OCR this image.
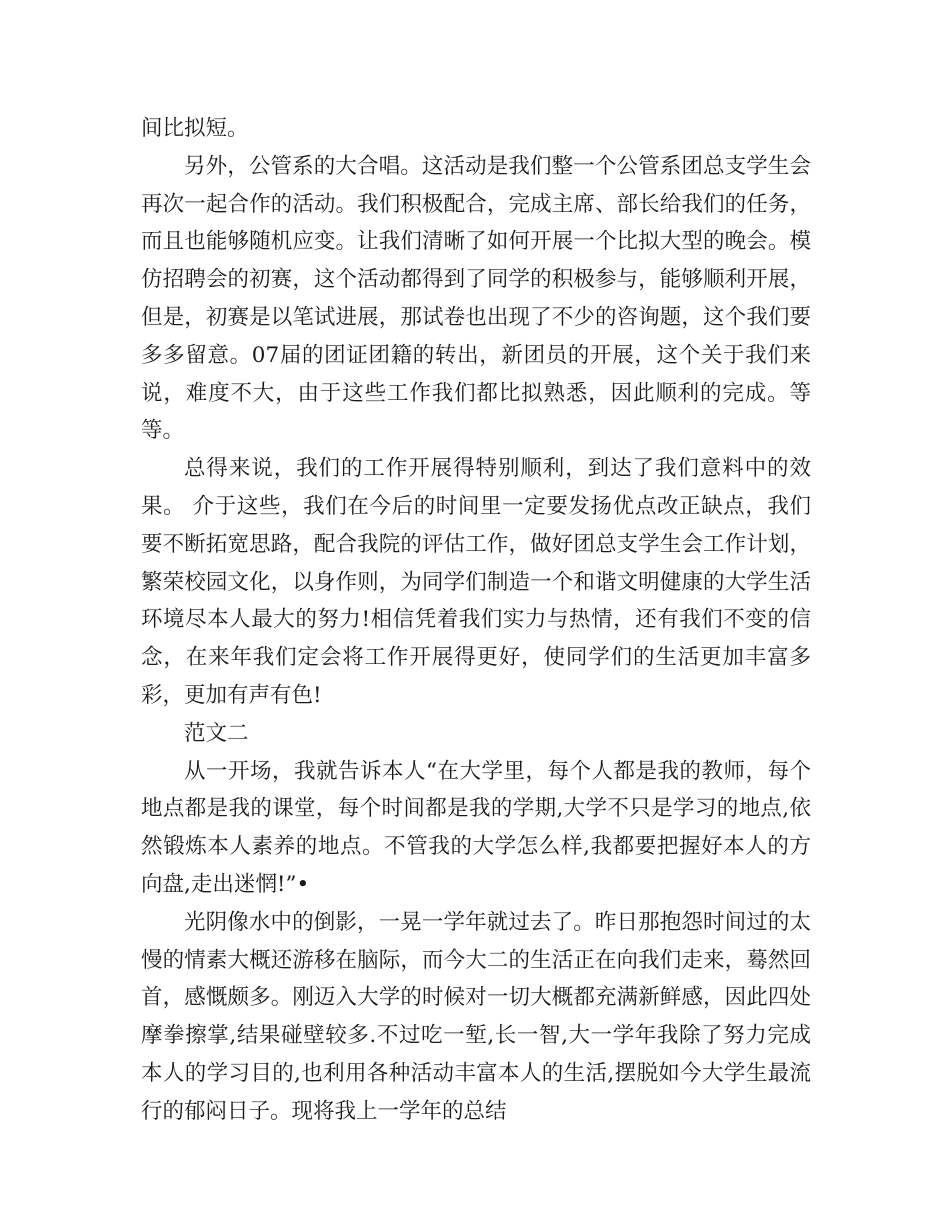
间比拟短。

另外，公管系的大合唱。这活动是我们整一个公管系团总支学生会再次一起合作的活动。我们积极配合，完成主席、部长给我们的任务，而且也能够随机应变。让我们清晰了如何开展一个比拟大型的晚会。模仿招聘会的初赛，这个活动都得到了同学的积极参与，能够顺利开展，但是，初赛是以笔试进展，那试卷也出现了不少的咨询题，这个我们要多多留意。07届的团证团籍的转出，新团员的开展，这个关于我们来说，难度不大，由于这些工作我们都比拟熟悉，因此顺利的完成。等等。

总得来说，我们的工作开展得特别顺利，到达了我们意料中的效果。 介于这些，我们在今后的时间里一定要发扬优点改正缺点，我们要不断拓宽思路，配合我院的评估工作，做好团总支学生会工作计划，繁荣校园文化，以身作则，为同学们制造一个和谐文明健康的大学生活环境尽本人最大的努力!相信凭着我们实力与热情，还有我们不变的信念，在来年我们定会将工作开展得更好，使同学们的生活更加丰富多彩，更加有声有色!

范文二

从一开场，我就告诉本人“在大学里，每个人都是我的教师，每个地点都是我的课堂，每个时间都是我的学期,大学不只是学习的地点,依然锻炼本人素养的地点。不管我的大学怎么样,我都要把握好本人的方向盘,走出迷惘!”•

光阴像水中的倒影，一晃一学年就过去了。昨日那抱怨时间过的太慢的情素大概还游移在脑际，而今大二的生活正在向我们走来，蓦然回首，感慨颇多。刚迈入大学的时候对一切大概都充满新鲜感，因此四处摩拳擦掌,结果碰壁较多.不过吃一堑,长一智,大一学年我除了努力完成本人的学习目的,也利用各种活动丰富本人的生活,摆脱如今大学生最流行的郁闷日子。现将我上一学年的总结
